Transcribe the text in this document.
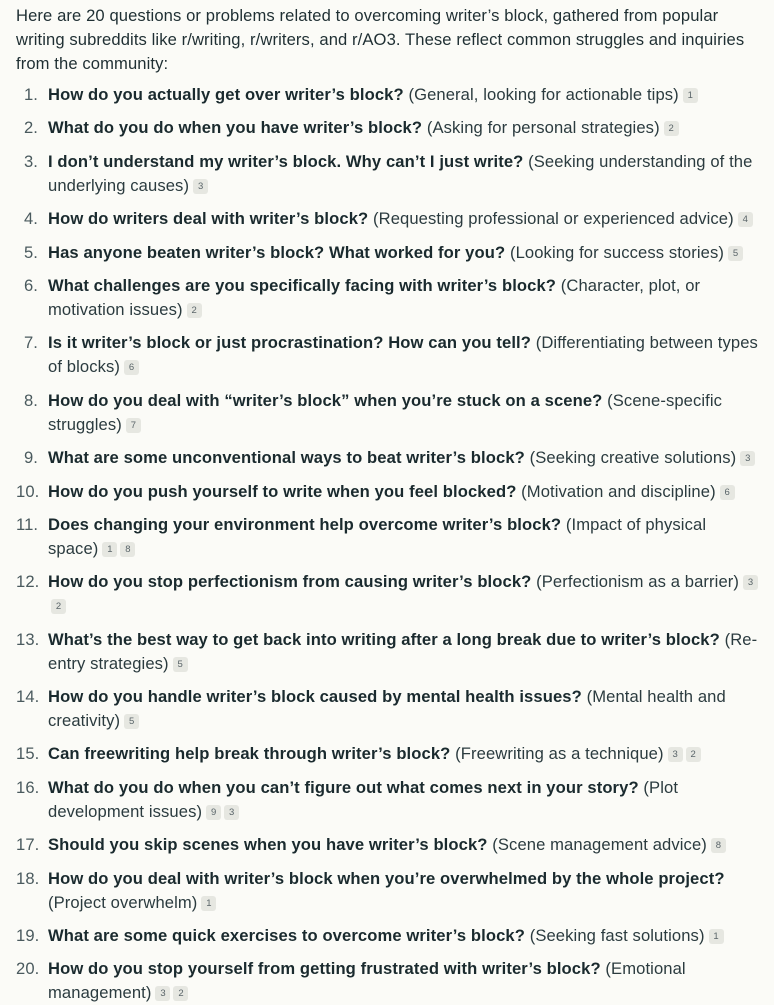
Here are 20 questions or problems related to overcoming writer’s block, gathered from popular writing subreddits like r/writing, r/writers, and r/AO3. These reflect common struggles and inquiries from the community:

1. How do you actually get over writer’s block? (General, looking for actionable tips) 1
2. What do you do when you have writer’s block? (Asking for personal strategies) 2
3. I don’t understand my writer’s block. Why can’t I just write? (Seeking understanding of the underlying causes) 3
4. How do writers deal with writer’s block? (Requesting professional or experienced advice) 4
5. Has anyone beaten writer’s block? What worked for you? (Looking for success stories) 5
6. What challenges are you specifically facing with writer’s block? (Character, plot, or motivation issues) 2
7. Is it writer’s block or just procrastination? How can you tell? (Differentiating between types of blocks) 6
8. How do you deal with “writer’s block” when you’re stuck on a scene? (Scene-specific struggles) 7
9. What are some unconventional ways to beat writer’s block? (Seeking creative solutions) 3
10. How do you push yourself to write when you feel blocked? (Motivation and discipline) 6
11. Does changing your environment help overcome writer’s block? (Impact of physical space) 1 8
12. How do you stop perfectionism from causing writer’s block? (Perfectionism as a barrier) 32
13. What’s the best way to get back into writing after a long break due to writer’s block? (Re-entry strategies) 5
14. How do you handle writer’s block caused by mental health issues? (Mental health and creativity) 5
15. Can freewriting help break through writer’s block? (Freewriting as a technique) 3 2
16. What do you do when you can’t figure out what comes next in your story? (Plot development issues) 9 3
17. Should you skip scenes when you have writer’s block? (Scene management advice) 8
18. How do you deal with writer’s block when you’re overwhelmed by the whole project? (Project overwhelm) 1
19. What are some quick exercises to overcome writer’s block? (Seeking fast solutions) 1
20. How do you stop yourself from getting frustrated with writer’s block? (Emotional management) 3 2
